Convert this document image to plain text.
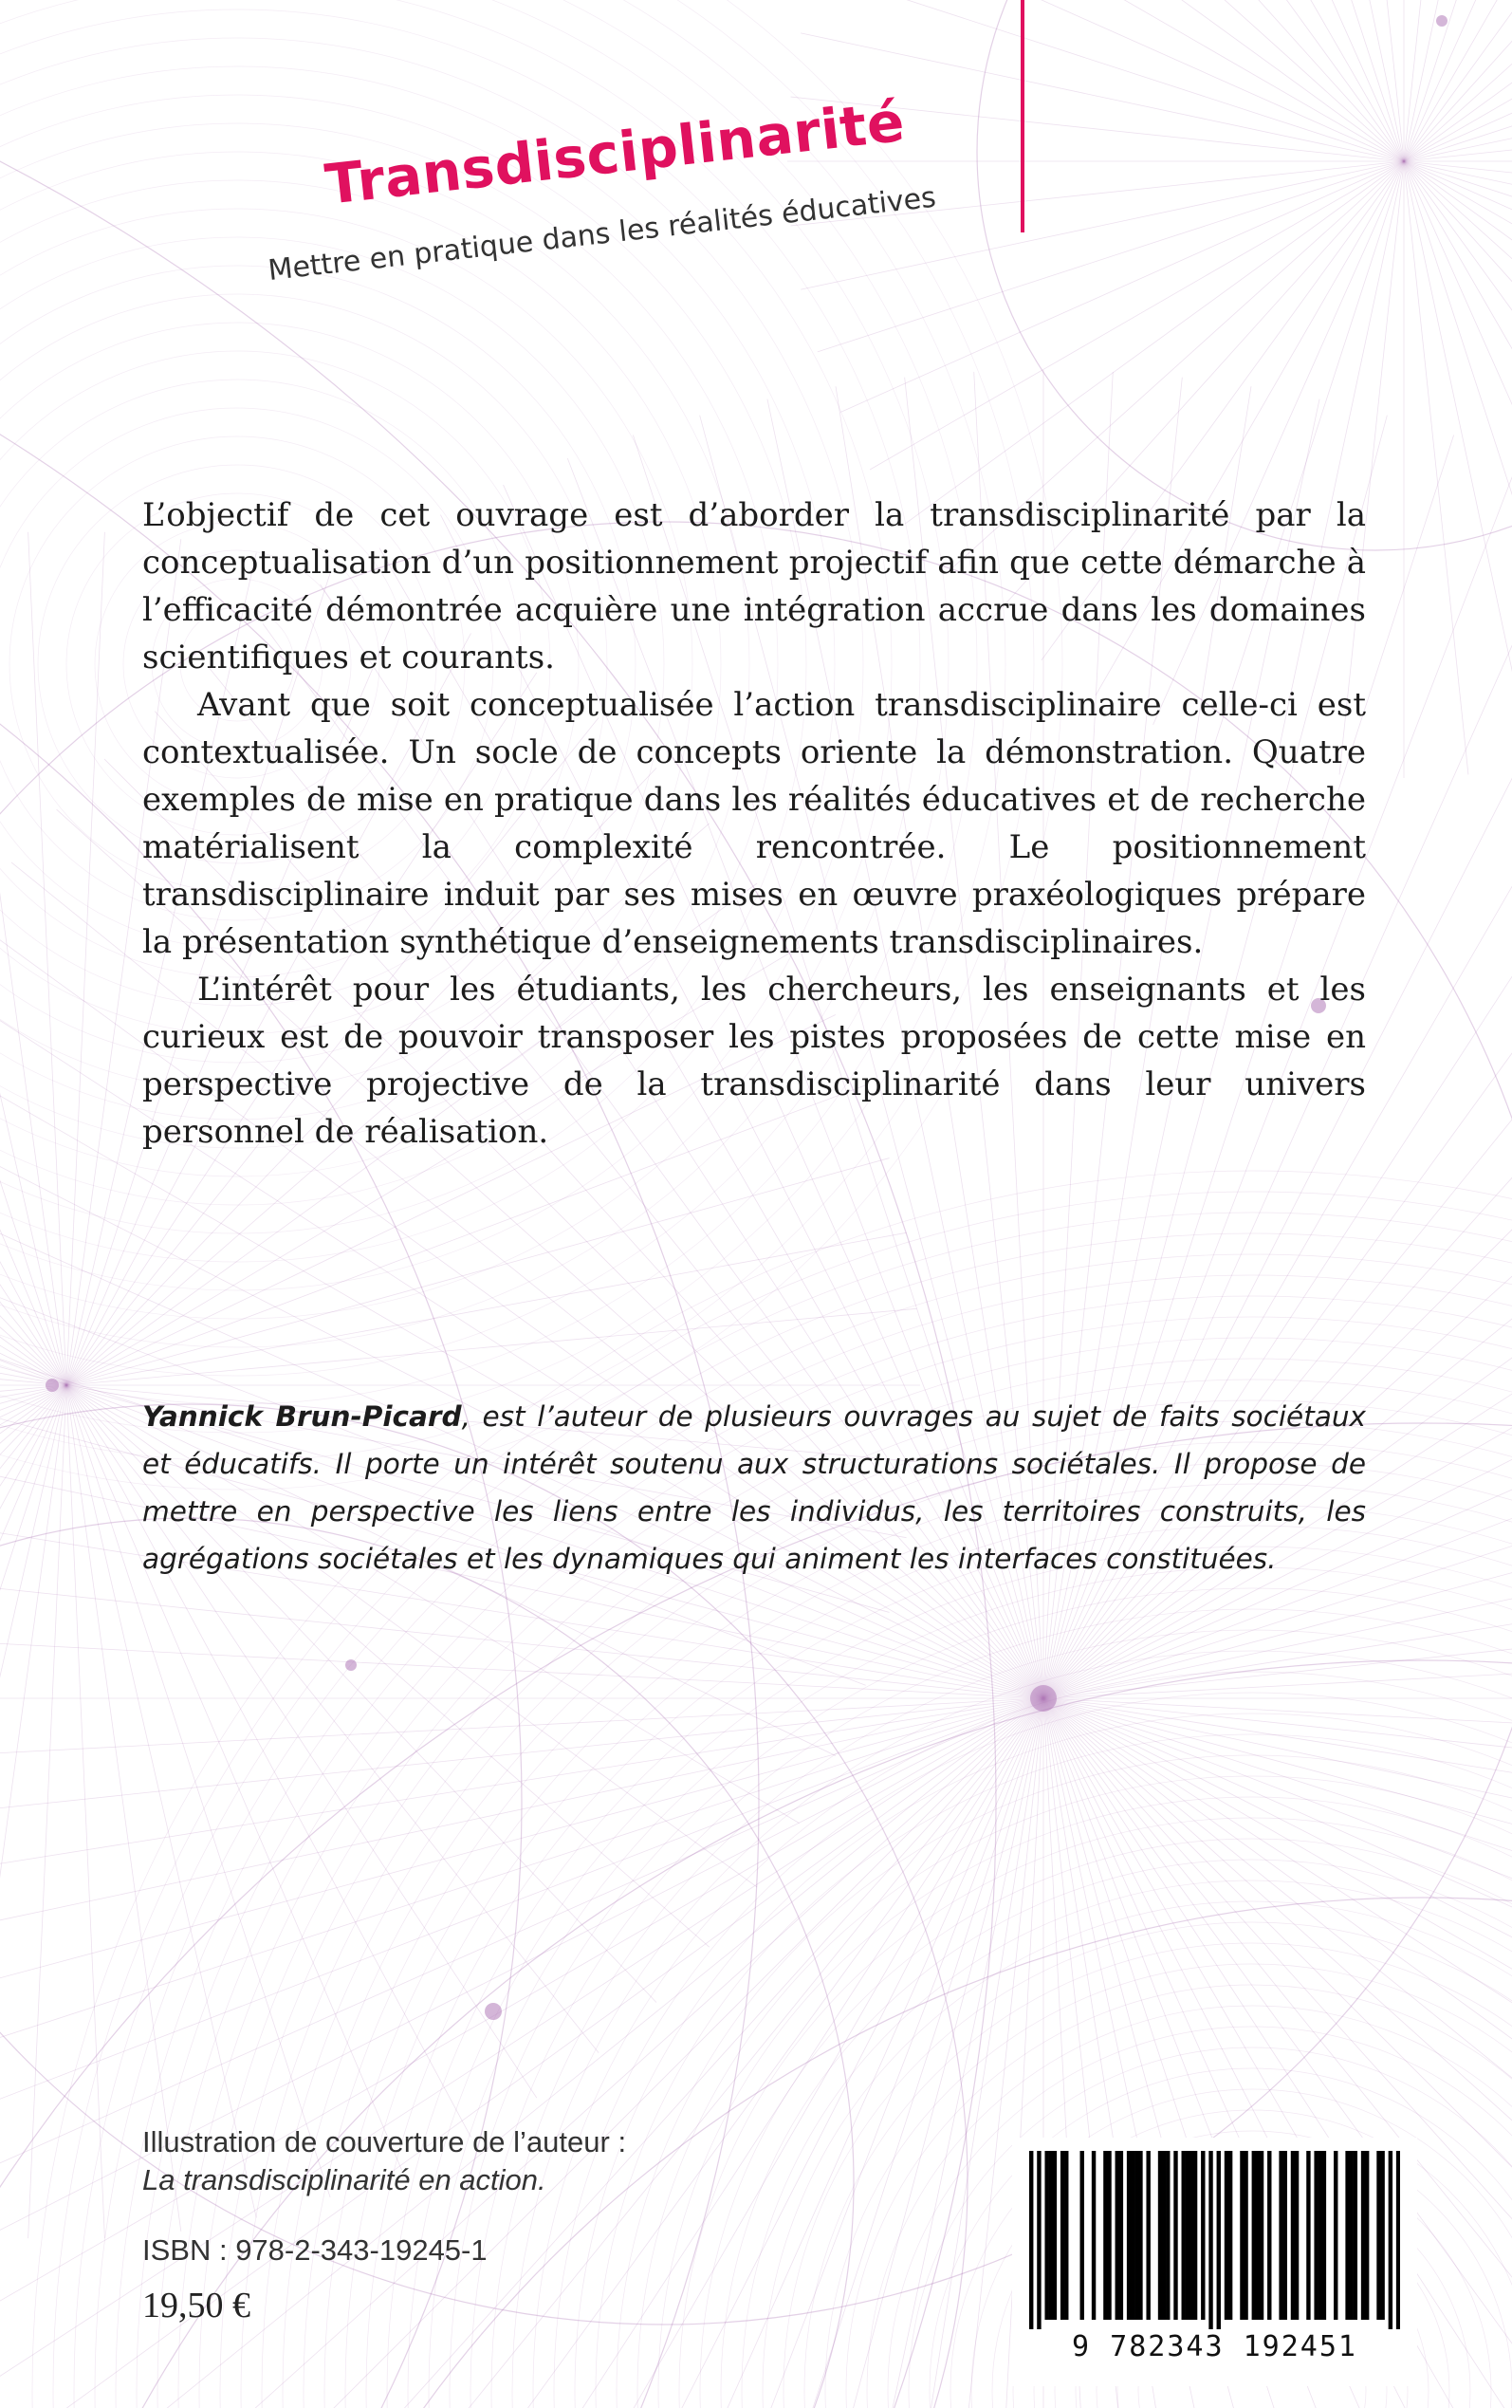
Transdisciplinarité
Mettre en pratique dans les réalités éducatives

L’objectif de cet ouvrage est d’aborder la transdisciplinarité par la conceptualisation d’un positionnement projectif afin que cette démarche à l’efficacité démontrée acquière une intégration accrue dans les domaines scientifiques et courants.

Avant que soit conceptualisée l’action transdisciplinaire celle-ci est contextualisée. Un socle de concepts oriente la démonstration. Quatre exemples de mise en pratique dans les réalités éducatives et de recherche matérialisent la complexité rencontrée. Le positionnement transdisciplinaire induit par ses mises en œuvre praxéologiques prépare la présentation synthétique d’enseignements transdisciplinaires.

L’intérêt pour les étudiants, les chercheurs, les enseignants et les curieux est de pouvoir transposer les pistes proposées de cette mise en perspective projective de la transdisciplinarité dans leur univers personnel de réalisation.

Yannick Brun-Picard, est l’auteur de plusieurs ouvrages au sujet de faits sociétaux et éducatifs. Il porte un intérêt soutenu aux structurations sociétales. Il propose de mettre en perspective les liens entre les individus, les territoires construits, les agrégations sociétales et les dynamiques qui animent les interfaces constituées.
Illustration de couverture de l’auteur :
La transdisciplinarité en action.
ISBN : 978-2-343-19245-1
19,50 €
9 782343 192451
